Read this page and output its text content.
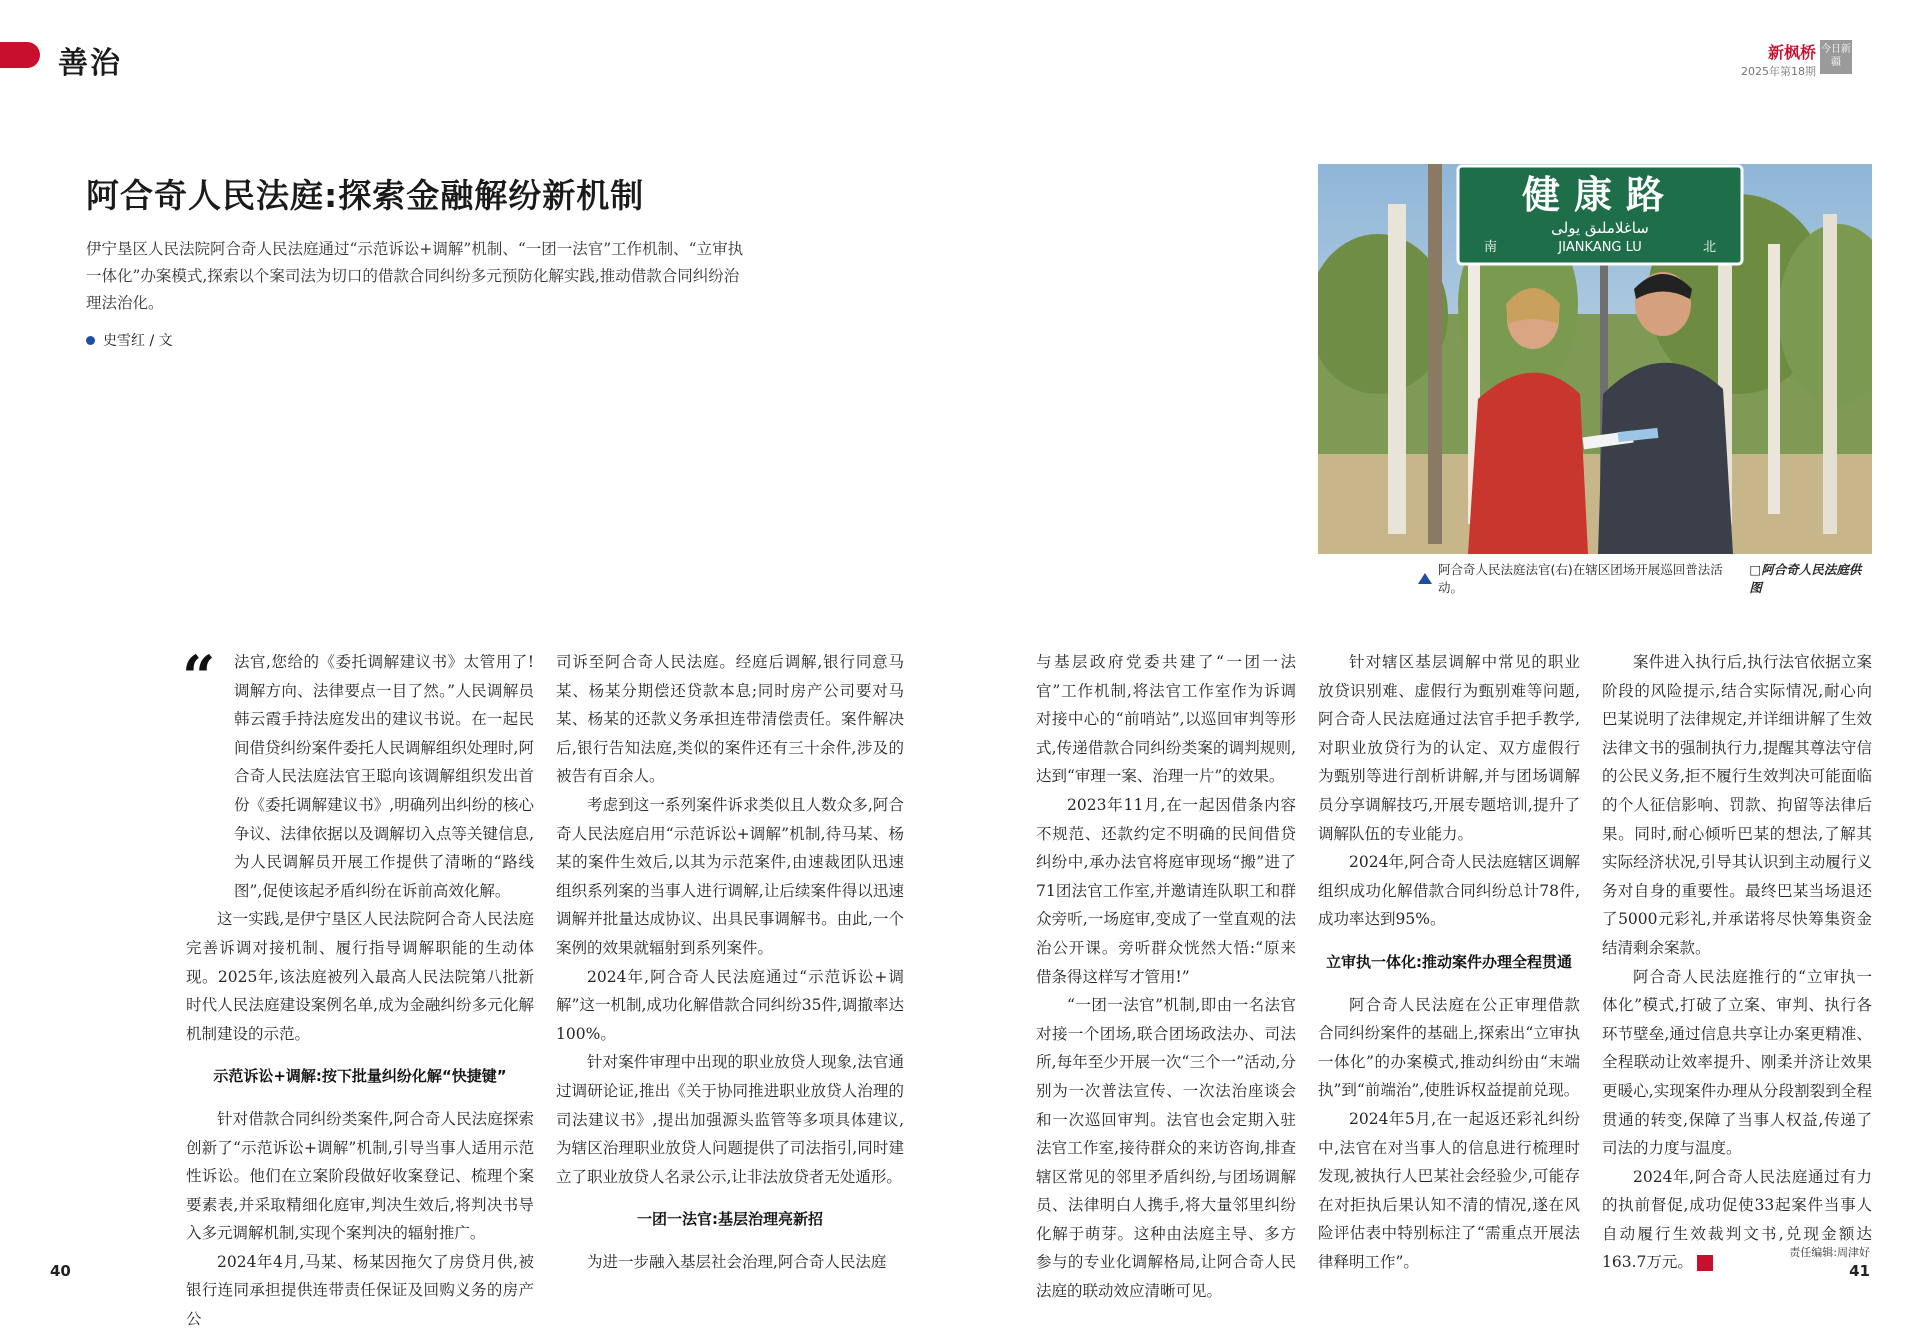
善治	新枫桥
2025年第18期
今日新疆
阿合奇人民法庭:探索金融解纷新机制
伊宁垦区人民法院阿合奇人民法庭通过“示范诉讼+调解”机制、“一团一法官”工作机制、“立审执一体化”办案模式,探索以个案司法为切口的借款合同纠纷多元预防化解实践,推动借款合同纠纷治理法治化。
史雪红 / 文
健康路
ساغلاملىق يولى
南	JIANKANG LU	北
阿合奇人民法庭法官(右)在辖区团场开展巡回普法活动。
□阿合奇人民法庭供图
“	法官,您给的《委托调解建议书》太管用了!调解方向、法律要点一目了然。”人民调解员韩云霞手持法庭发出的建议书说。在一起民间借贷纠纷案件委托人民调解组织处理时,阿合奇人民法庭法官王聪向该调解组织发出首份《委托调解建议书》,明确列出纠纷的核心争议、法律依据以及调解切入点等关键信息,为人民调解员开展工作提供了清晰的“路线图”,促使该起矛盾纠纷在诉前高效化解。

这一实践,是伊宁垦区人民法院阿合奇人民法庭完善诉调对接机制、履行指导调解职能的生动体现。2025年,该法庭被列入最高人民法院第八批新时代人民法庭建设案例名单,成为金融纠纷多元化解机制建设的示范。

示范诉讼+调解:按下批量纠纷化解“快捷键”

针对借款合同纠纷类案件,阿合奇人民法庭探索创新了“示范诉讼+调解”机制,引导当事人适用示范性诉讼。他们在立案阶段做好收案登记、梳理个案要素表,并采取精细化庭审,判决生效后,将判决书导入多元调解机制,实现个案判决的辐射推广。

2024年4月,马某、杨某因拖欠了房贷月供,被银行连同承担提供连带责任保证及回购义务的房产公

司诉至阿合奇人民法庭。经庭后调解,银行同意马某、杨某分期偿还贷款本息;同时房产公司要对马某、杨某的还款义务承担连带清偿责任。案件解决后,银行告知法庭,类似的案件还有三十余件,涉及的被告有百余人。

考虑到这一系列案件诉求类似且人数众多,阿合奇人民法庭启用“示范诉讼+调解”机制,待马某、杨某的案件生效后,以其为示范案件,由速裁团队迅速组织系列案的当事人进行调解,让后续案件得以迅速调解并批量达成协议、出具民事调解书。由此,一个案例的效果就辐射到系列案件。

2024年,阿合奇人民法庭通过“示范诉讼+调解”这一机制,成功化解借款合同纠纷35件,调撤率达100%。

针对案件审理中出现的职业放贷人现象,法官通过调研论证,推出《关于协同推进职业放贷人治理的司法建议书》,提出加强源头监管等多项具体建议,为辖区治理职业放贷人问题提供了司法指引,同时建立了职业放贷人名录公示,让非法放贷者无处遁形。

一团一法官:基层治理亮新招

为进一步融入基层社会治理,阿合奇人民法庭

与基层政府党委共建了“一团一法官”工作机制,将法官工作室作为诉调对接中心的“前哨站”,以巡回审判等形式,传递借款合同纠纷类案的调判规则,达到“审理一案、治理一片”的效果。

2023年11月,在一起因借条内容不规范、还款约定不明确的民间借贷纠纷中,承办法官将庭审现场“搬”进了71团法官工作室,并邀请连队职工和群众旁听,一场庭审,变成了一堂直观的法治公开课。旁听群众恍然大悟:“原来借条得这样写才管用!”

“一团一法官”机制,即由一名法官对接一个团场,联合团场政法办、司法所,每年至少开展一次“三个一”活动,分别为一次普法宣传、一次法治座谈会和一次巡回审判。法官也会定期入驻法官工作室,接待群众的来访咨询,排查辖区常见的邻里矛盾纠纷,与团场调解员、法律明白人携手,将大量邻里纠纷化解于萌芽。这种由法庭主导、多方参与的专业化调解格局,让阿合奇人民法庭的联动效应清晰可见。

针对辖区基层调解中常见的职业放贷识别难、虚假行为甄别难等问题,阿合奇人民法庭通过法官手把手教学,对职业放贷行为的认定、双方虚假行为甄别等进行剖析讲解,并与团场调解员分享调解技巧,开展专题培训,提升了调解队伍的专业能力。

2024年,阿合奇人民法庭辖区调解组织成功化解借款合同纠纷总计78件,成功率达到95%。

立审执一体化:推动案件办理全程贯通

阿合奇人民法庭在公正审理借款合同纠纷案件的基础上,探索出“立审执一体化”的办案模式,推动纠纷由“末端执”到“前端治”,使胜诉权益提前兑现。

2024年5月,在一起返还彩礼纠纷中,法官在对当事人的信息进行梳理时发现,被执行人巴某社会经验少,可能存在对拒执后果认知不清的情况,遂在风险评估表中特别标注了“需重点开展法律释明工作”。

案件进入执行后,执行法官依据立案阶段的风险提示,结合实际情况,耐心向巴某说明了法律规定,并详细讲解了生效法律文书的强制执行力,提醒其尊法守信的公民义务,拒不履行生效判决可能面临的个人征信影响、罚款、拘留等法律后果。同时,耐心倾听巴某的想法,了解其实际经济状况,引导其认识到主动履行义务对自身的重要性。最终巴某当场退还了5000元彩礼,并承诺将尽快筹集资金结清剩余案款。

阿合奇人民法庭推行的“立审执一体化”模式,打破了立案、审判、执行各环节壁垒,通过信息共享让办案更精准、全程联动让效率提升、刚柔并济让效果更暖心,实现案件办理从分段割裂到全程贯通的转变,保障了当事人权益,传递了司法的力度与温度。

2024年,阿合奇人民法庭通过有力的执前督促,成功促使33起案件当事人自动履行生效裁判文书,兑现金额达163.7万元。

40
责任编辑:周津好
41
